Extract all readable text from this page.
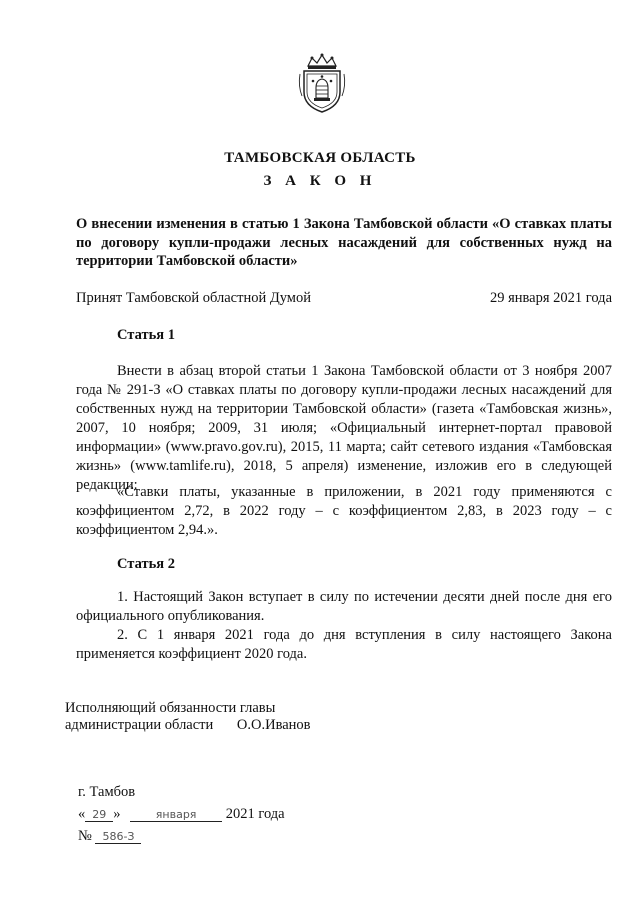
ТАМБОВСКАЯ ОБЛАСТЬ
З А К О Н
О внесении изменения в статью 1 Закона Тамбовской области «О ставках платы по договору купли-продажи лесных насаждений для собственных нужд на территории Тамбовской области»
Принят Тамбовской областной Думой	29 января 2021 года
Статья 1

Внести в абзац второй статьи 1 Закона Тамбовской области от 3 ноября 2007 года № 291-З «О ставках платы по договору купли-продажи лесных насаждений для собственных нужд на территории Тамбовской области» (газета «Тамбовская жизнь», 2007, 10 ноября; 2009, 31 июля; «Официальный интернет-портал правовой информации» (www.pravo.gov.ru), 2015, 11 марта; сайт сетевого издания «Тамбовская жизнь» (www.tamlife.ru), 2018, 5 апреля) изменение, изложив его в следующей редакции:

«Ставки платы, указанные в приложении, в 2021 году применяются с коэффициентом 2,72, в 2022 году – с коэффициентом 2,83, в 2023 году – с коэффициентом 2,94.».

Статья 2

1. Настоящий Закон вступает в силу по истечении десяти дней после дня его официального опубликования.

2. С 1 января 2021 года до дня вступления в силу настоящего Закона применяется коэффициент 2020 года.

Исполняющий обязанности главы
администрации области О.О.Иванов
г. Тамбов
« 29 »	января 2021 года
№ 586-З
